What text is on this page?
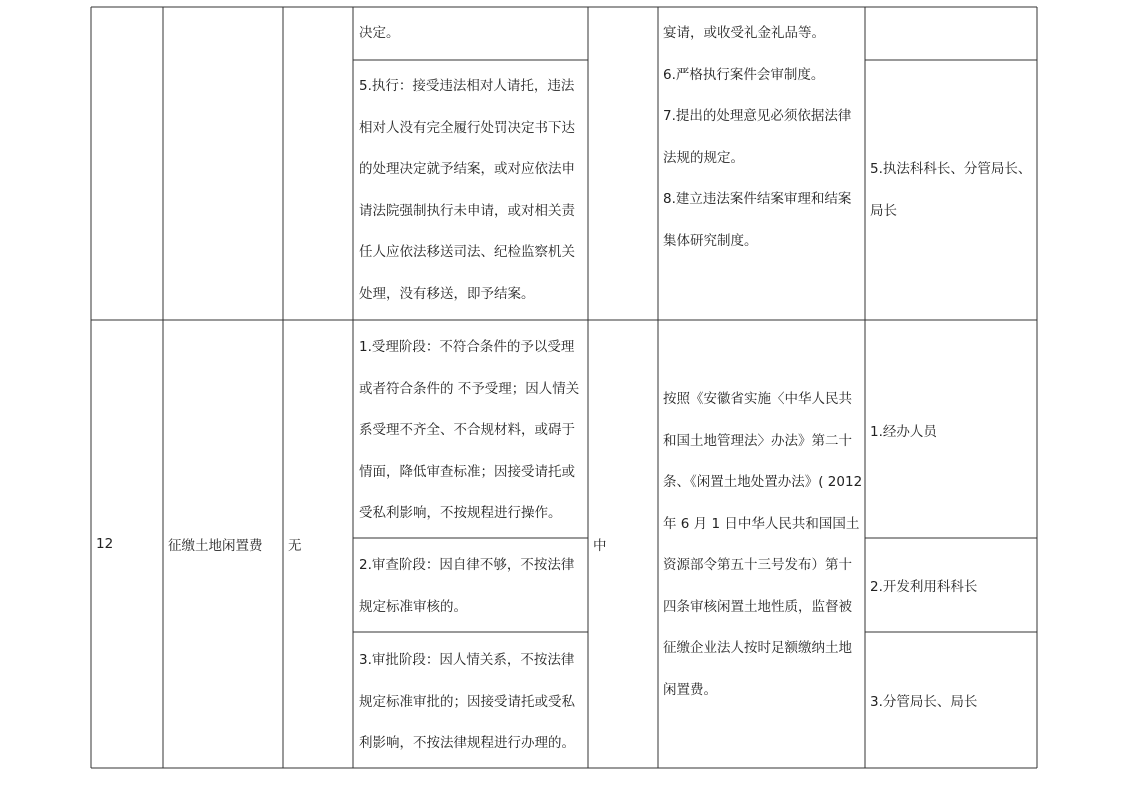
决定。
5.执行：接受违法相对人请托，违法
相对人没有完全履行处罚决定书下达
的处理决定就予结案，或对应依法申
请法院强制执行未申请，或对相关责
任人应依法移送司法、纪检监察机关
处理，没有移送，即予结案。
宴请，或收受礼金礼品等。
6.严格执行案件会审制度。
7.提出的处理意见必须依据法律
法规的规定。
8.建立违法案件结案审理和结案
集体研究制度。
5.执法科科长、分管局长、
局长
12	征缴土地闲置费 无
1.受理阶段：不符合条件的予以受理
或者符合条件的 不予受理；因人情关
系受理不齐全、不合规材料，或碍于
情面，降低审查标准；因接受请托或
受私利影响，不按规程进行操作。
2.审查阶段：因自律不够，不按法律
规定标准审核的。
3.审批阶段：因人情关系，不按法律
规定标准审批的；因接受请托或受私
利影响，不按法律规程进行办理的。
中
按照《安徽省实施〈中华人民共
和国土地管理法〉办法》第二十
条、《闲置土地处置办法》( 2012
年 6 月 1 日中华人民共和国国土
资源部令第五十三号发布）第十
四条审核闲置土地性质，监督被
征缴企业法人按时足额缴纳土地
闲置费。
1.经办人员
2.开发利用科科长
3.分管局长、局长
